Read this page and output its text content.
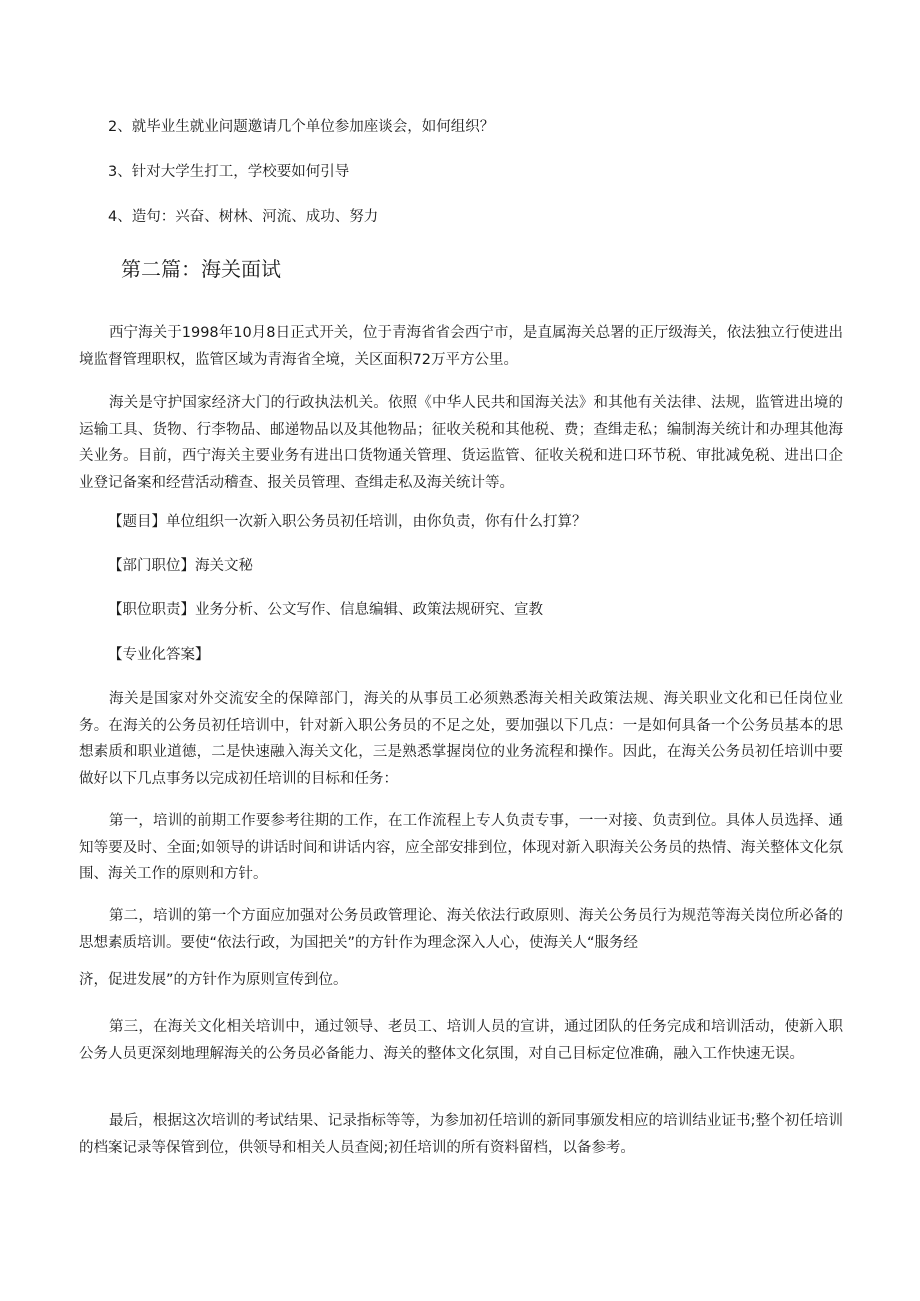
2、就毕业生就业问题邀请几个单位参加座谈会，如何组织？

3、针对大学生打工，学校要如何引导

4、造句：兴奋、树林、河流、成功、努力

第二篇：海关面试

西宁海关于1998年10月8日正式开关，位于青海省省会西宁市，是直属海关总署的正厅级海关，依法独立行使进出境监督管理职权，监管区域为青海省全境，关区面积72万平方公里。

海关是守护国家经济大门的行政执法机关。依照《中华人民共和国海关法》和其他有关法律、法规，监管进出境的运输工具、货物、行李物品、邮递物品以及其他物品；征收关税和其他税、费；查缉走私；编制海关统计和办理其他海关业务。目前，西宁海关主要业务有进出口货物通关管理、货运监管、征收关税和进口环节税、审批减免税、进出口企业登记备案和经营活动稽查、报关员管理、查缉走私及海关统计等。

【题目】单位组织一次新入职公务员初任培训，由你负责，你有什么打算？

【部门职位】海关文秘

【职位职责】业务分析、公文写作、信息编辑、政策法规研究、宣教

【专业化答案】

海关是国家对外交流安全的保障部门，海关的从事员工必须熟悉海关相关政策法规、海关职业文化和已任岗位业务。在海关的公务员初任培训中，针对新入职公务员的不足之处，要加强以下几点：一是如何具备一个公务员基本的思想素质和职业道德，二是快速融入海关文化，三是熟悉掌握岗位的业务流程和操作。因此，在海关公务员初任培训中要做好以下几点事务以完成初任培训的目标和任务：

第一，培训的前期工作要参考往期的工作，在工作流程上专人负责专事，一一对接、负责到位。具体人员选择、通知等要及时、全面;如领导的讲话时间和讲话内容，应全部安排到位，体现对新入职海关公务员的热情、海关整体文化氛围、海关工作的原则和方针。

第二，培训的第一个方面应加强对公务员政管理论、海关依法行政原则、海关公务员行为规范等海关岗位所必备的思想素质培训。要使“依法行政，为国把关”的方针作为理念深入人心，使海关人“服务经

济，促进发展”的方针作为原则宣传到位。

第三，在海关文化相关培训中，通过领导、老员工、培训人员的宣讲，通过团队的任务完成和培训活动，使新入职公务人员更深刻地理解海关的公务员必备能力、海关的整体文化氛围，对自己目标定位准确，融入工作快速无误。

最后，根据这次培训的考试结果、记录指标等等，为参加初任培训的新同事颁发相应的培训结业证书;整个初任培训的档案记录等保管到位，供领导和相关人员查阅;初任培训的所有资料留档，以备参考。
